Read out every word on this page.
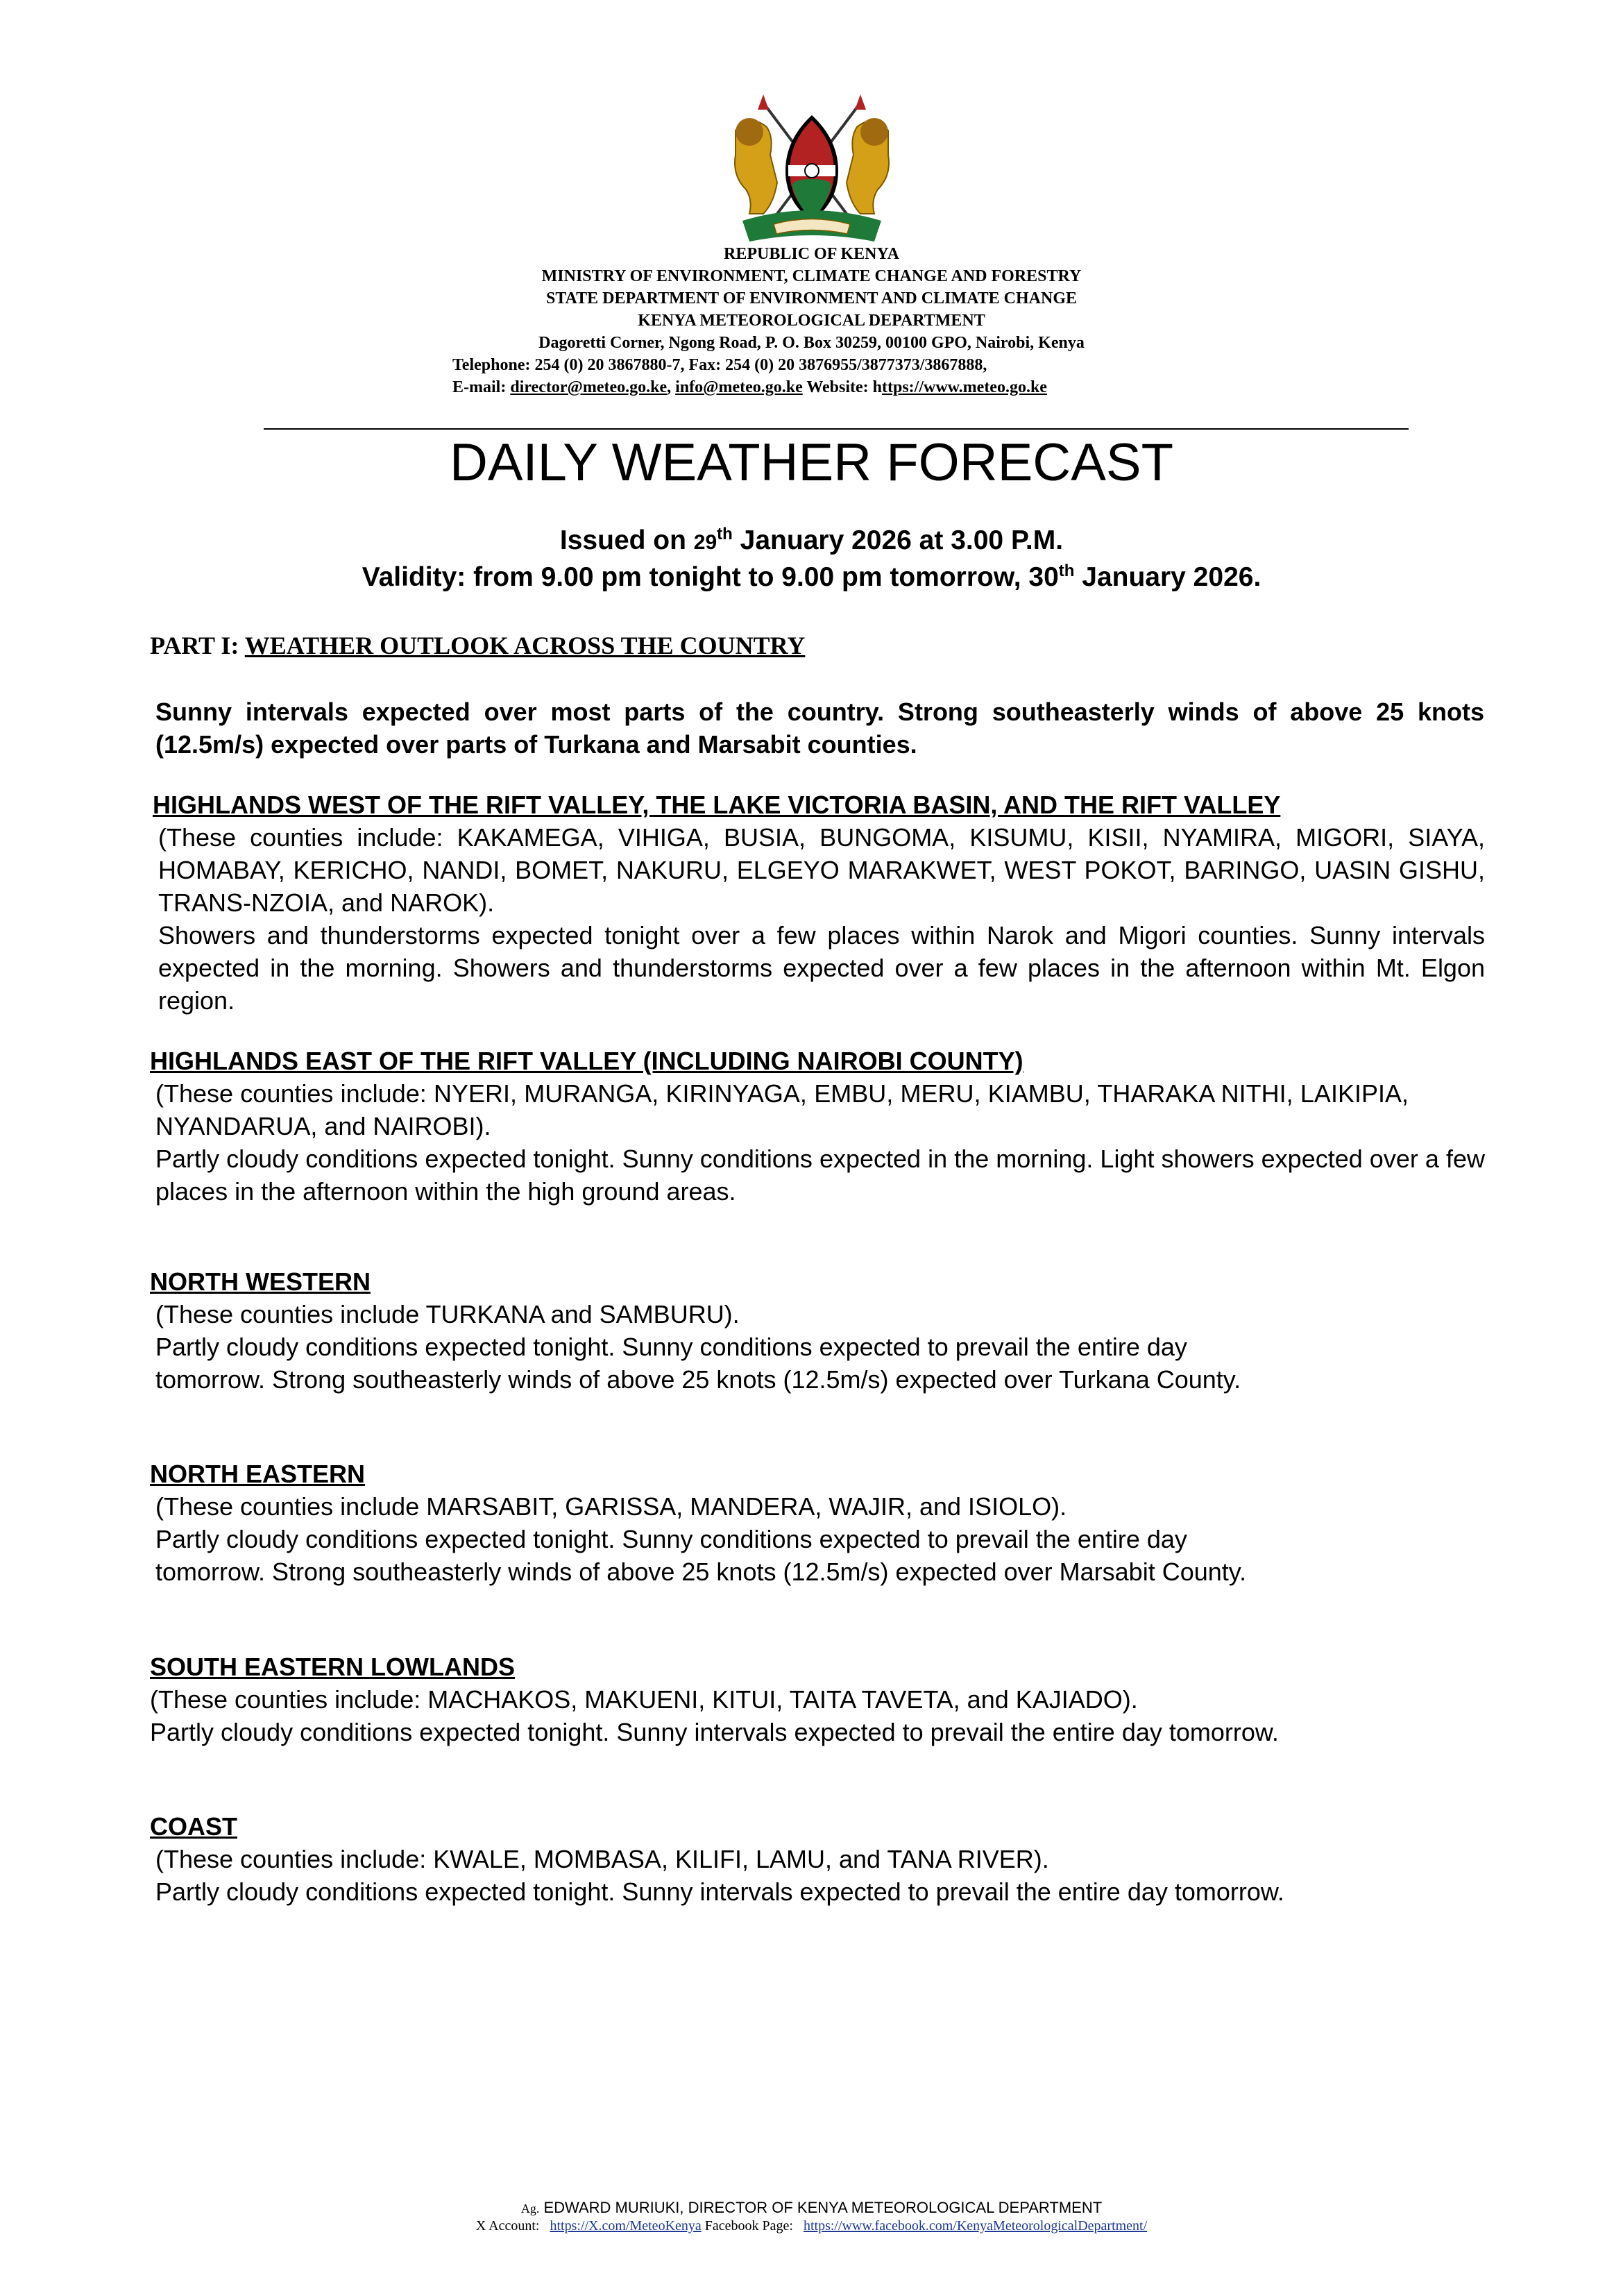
REPUBLIC OF KENYA
MINISTRY OF ENVIRONMENT, CLIMATE CHANGE AND FORESTRY
STATE DEPARTMENT OF ENVIRONMENT AND CLIMATE CHANGE
KENYA METEOROLOGICAL DEPARTMENT
Dagoretti Corner, Ngong Road, P. O. Box 30259, 00100 GPO, Nairobi, Kenya
Telephone: 254 (0) 20 3867880-7, Fax: 254 (0) 20 3876955/3877373/3867888,
E-mail: director@meteo.go.ke, info@meteo.go.ke Website: https://www.meteo.go.ke
DAILY WEATHER FORECAST
Issued on 29th January 2026 at 3.00 P.M.
Validity: from 9.00 pm tonight to 9.00 pm tomorrow, 30th January 2026.
PART I: WEATHER OUTLOOK ACROSS THE COUNTRY
Sunny intervals expected over most parts of the country. Strong southeasterly winds of above 25 knots (12.5m/s) expected over parts of Turkana and Marsabit counties.

HIGHLANDS WEST OF THE RIFT VALLEY, THE LAKE VICTORIA BASIN, AND THE RIFT VALLEY

(These counties include: KAKAMEGA, VIHIGA, BUSIA, BUNGOMA, KISUMU, KISII, NYAMIRA, MIGORI, SIAYA, HOMABAY, KERICHO, NANDI, BOMET, NAKURU, ELGEYO MARAKWET, WEST POKOT, BARINGO, UASIN GISHU, TRANS-NZOIA, and NAROK).

Showers and thunderstorms expected tonight over a few places within Narok and Migori counties. Sunny intervals expected in the morning. Showers and thunderstorms expected over a few places in the afternoon within Mt. Elgon region.

HIGHLANDS EAST OF THE RIFT VALLEY (INCLUDING NAIROBI COUNTY)

(These counties include: NYERI, MURANGA, KIRINYAGA, EMBU, MERU, KIAMBU, THARAKA NITHI, LAIKIPIA, NYANDARUA, and NAIROBI).

Partly cloudy conditions expected tonight. Sunny conditions expected in the morning. Light showers expected over a few places in the afternoon within the high ground areas.

NORTH WESTERN

(These counties include TURKANA and SAMBURU).

Partly cloudy conditions expected tonight. Sunny conditions expected to prevail the entire day tomorrow. Strong southeasterly winds of above 25 knots (12.5m/s) expected over Turkana County.

NORTH EASTERN

(These counties include MARSABIT, GARISSA, MANDERA, WAJIR, and ISIOLO).

Partly cloudy conditions expected tonight. Sunny conditions expected to prevail the entire day tomorrow. Strong southeasterly winds of above 25 knots (12.5m/s) expected over Marsabit County.

SOUTH EASTERN LOWLANDS

(These counties include: MACHAKOS, MAKUENI, KITUI, TAITA TAVETA, and KAJIADO).

Partly cloudy conditions expected tonight. Sunny intervals expected to prevail the entire day tomorrow.

COAST

(These counties include: KWALE, MOMBASA, KILIFI, LAMU, and TANA RIVER).

Partly cloudy conditions expected tonight. Sunny intervals expected to prevail the entire day tomorrow.

Ag. EDWARD MURIUKI, DIRECTOR OF KENYA METEOROLOGICAL DEPARTMENT
X Account: https://X.com/MeteoKenya Facebook Page: https://www.facebook.com/KenyaMeteorologicalDepartment/
